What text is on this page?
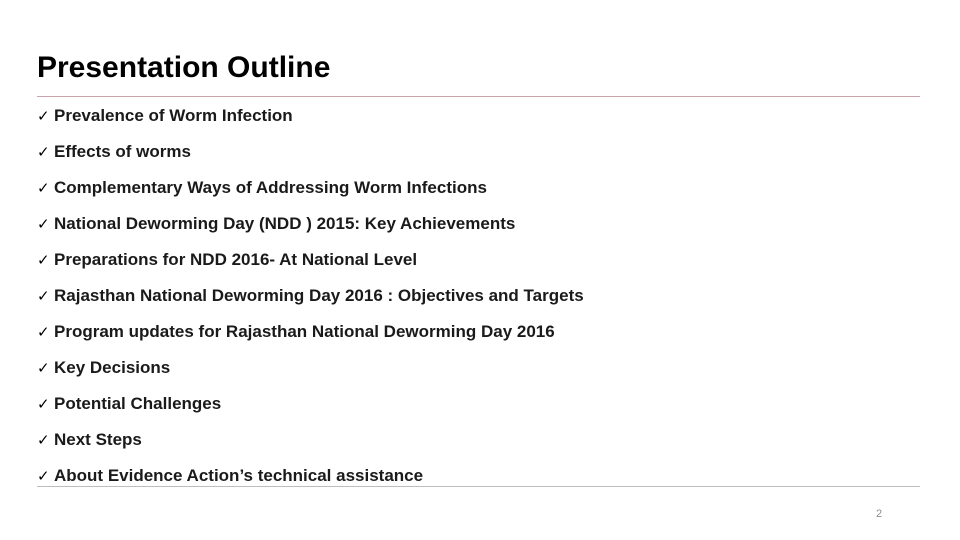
Presentation Outline
✓ Prevalence of Worm Infection
✓ Effects of worms
✓ Complementary Ways of Addressing Worm Infections
✓ National Deworming Day (NDD ) 2015: Key Achievements
✓ Preparations for NDD 2016- At National Level
✓ Rajasthan National Deworming Day 2016 : Objectives and Targets
✓ Program updates for Rajasthan National Deworming Day 2016
✓ Key Decisions
✓ Potential Challenges
✓ Next Steps
✓ About Evidence Action’s technical assistance
2
